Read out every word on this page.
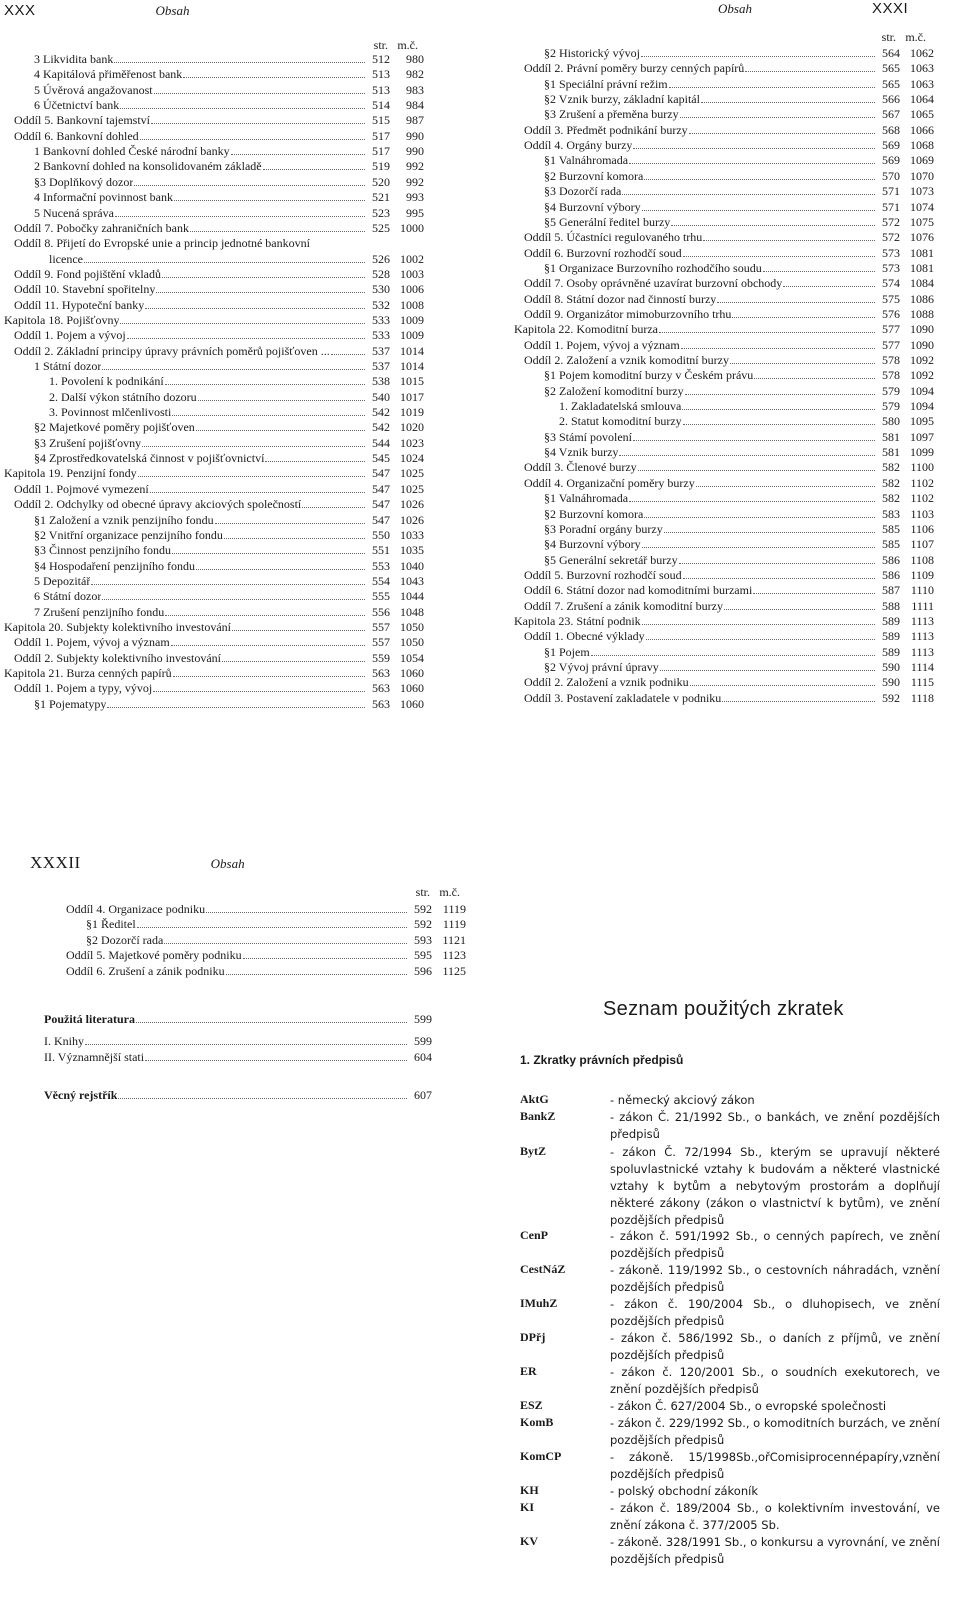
XXX	Obsah	Obsah	XXXI
XXXII	Obsah
str. m.č.
str. m.č.
str. m.č.
3 Likvidita bank	512	980
4 Kapitálová přiměřenost bank	513	982
5 Úvěrová angažovanost	513	983
6 Účetnictví bank	514	984
Oddíl 5. Bankovní tajemství	515	987
Oddíl 6. Bankovní dohled	517	990
1 Bankovní dohled České národní banky	517	990
2 Bankovní dohled na konsolidovaném základě	519	992
§3 Doplňkový dozor	520	992
4 Informační povinnost bank	521	993
5 Nucená správa	523	995
Oddíl 7. Pobočky zahraničních bank	525 1000
Oddíl 8. Přijetí do Evropské unie a princip jednotné bankovní
licence	526 1002
Oddíl 9. Fond pojištění vkladů	528 1003
Oddíl 10. Stavební spořitelny	530 1006
Oddíl 11. Hypoteční banky	532 1008
Kapitola 18. Pojišťovny	533 1009
Oddíl 1. Pojem a vývoj	533 1009
Oddíl 2. Základní principy úpravy právních poměrů pojišťoven ...	537 1014
1 Státní dozor	537 1014
1. Povolení k podnikání	538 1015
2. Další výkon státního dozoru	540 1017
3. Povinnost mlčenlivosti	542 1019
§2 Majetkové poměry pojišťoven	542 1020
§3 Zrušení pojišťovny	544 1023
§4 Zprostředkovatelská činnost v pojišťovnictví	545 1024
Kapitola 19. Penzijní fondy	547 1025
Oddíl 1. Pojmové vymezení	547 1025
Oddíl 2. Odchylky od obecné úpravy akciových společností	547 1026
§1 Založení a vznik penzijního fondu	547 1026
§2 Vnitřní organizace penzijního fondu	550 1033
§3 Činnost penzijního fondu	551 1035
§4 Hospodaření penzijního fondu	553 1040
5 Depozitář	554 1043
6 Státní dozor	555 1044
7 Zrušení penzijního fondu	556 1048
Kapitola 20. Subjekty kolektivního investování	557 1050
Oddíl 1. Pojem, vývoj a význam	557 1050
Oddíl 2. Subjekty kolektivního investování	559 1054
Kapitola 21. Burza cenných papírů	563 1060
Oddíl 1. Pojem a typy, vývoj	563 1060
§1 Pojematypy	563 1060
§2 Historický vývoj	564 1062
Oddíl 2. Právní poměry burzy cenných papírů	565 1063
§1 Speciální právní režim	565 1063
§2 Vznik burzy, základní kapitál	566 1064
§3 Zrušení a přeměna burzy	567 1065
Oddíl 3. Předmět podnikání burzy	568 1066
Oddíl 4. Orgány burzy	569 1068
§1 Valnáhromada	569 1069
§2 Burzovní komora	570 1070
§3 Dozorčí rada	571 1073
§4 Burzovní výbory	571 1074
§5 Generální ředitel burzy	572 1075
Oddíl 5. Účastníci regulovaného trhu	572 1076
Oddíl 6. Burzovní rozhodčí soud	573 1081
§1 Organizace Burzovního rozhodčího soudu	573 1081
Oddíl 7. Osoby oprávněné uzavírat burzovní obchody	574 1084
Oddíl 8. Státní dozor nad činností burzy	575 1086
Oddíl 9. Organizátor mimoburzovního trhu	576 1088
Kapitola 22. Komoditní burza	577 1090
Oddíl 1. Pojem, vývoj a význam	577 1090
Oddíl 2. Založení a vznik komoditní burzy	578 1092
§1 Pojem komoditní burzy v Českém právu	578 1092
§2 Založení komoditní burzy	579 1094
1. Zakladatelská smlouva	579 1094
2. Statut komoditní burzy	580 1095
§3 Stámí povolení	581 1097
§4 Vznik burzy	581 1099
Oddíl 3. Členové burzy	582 1100
Oddíl 4. Organizační poměry burzy	582 1102
§1 Valnáhromada	582 1102
§2 Burzovní komora	583 1103
§3 Poradní orgány burzy	585 1106
§4 Burzovní výbory	585 1107
§5 Generální sekretář burzy	586 1108
Oddíl 5. Burzovní rozhodčí soud	586 1109
Oddíl 6. Státní dozor nad komoditními burzami	587 1110
Oddíl 7. Zrušení a zánik komoditní burzy	588 1111
Kapitola 23. Státní podnik	589 1113
Oddíl 1. Obecné výklady	589 1113
§1 Pojem	589 1113
§2 Vývoj právní úpravy	590 1114
Oddíl 2. Založení a vznik podniku	590 1115
Oddíl 3. Postavení zakladatele v podniku	592 1118
Oddíl 4. Organizace podniku	592 1119
§1 Ředitel	592 1119
§2 Dozorčí rada	593 1121
Oddíl 5. Majetkové poměry podniku	595 1123
Oddíl 6. Zrušení a zánik podniku	596 1125
Použitá literatura	599
I. Knihy	599
II. Významnější stati	604
Věcný rejstřík	607
Seznam použitých zkratek
1. Zkratky právních předpisů
AktG	- německý akciový zákon
BankZ	- zákon Č. 21/1992 Sb., o bankách, ve znění pozdějších předpisů
BytZ	- zákon Č. 72/1994 Sb., kterým se upravují některé spoluvlastnické vztahy k budovám a některé vlastnické vztahy k bytům a nebytovým prostorám a doplňují některé zákony (zákon o vlastnictví k bytům), ve znění pozdějších předpisů
CenP	- zákon č. 591/1992 Sb., o cenných papírech, ve znění pozdějších předpisů
CestNáZ	- zákoně. 119/1992 Sb., o cestovních náhradách, vznění pozdějších předpisů
IMuhZ	- zákon č. 190/2004 Sb., o dluhopisech, ve znění pozdějších předpisů
DPřj	- zákon č. 586/1992 Sb., o daních z příjmů, ve znění pozdějších předpisů
ER	- zákon č. 120/2001 Sb., o soudních exekutorech, ve znění pozdějších předpisů
ESZ	- zákon Č. 627/2004 Sb., o evropské společnosti
KomB	- zákon č. 229/1992 Sb., o komoditních burzách, ve znění pozdějších předpisů
KomCP	- zákoně. 15/1998Sb.,ořComisiprocennépapíry,vznění pozdějších předpisů
KH	- polský obchodní zákoník
KI	- zákon č. 189/2004 Sb., o kolektivním investování, ve znění zákona č. 377/2005 Sb.
KV	- zákoně. 328/1991 Sb., o konkursu a vyrovnání, ve znění pozdějších předpisů
